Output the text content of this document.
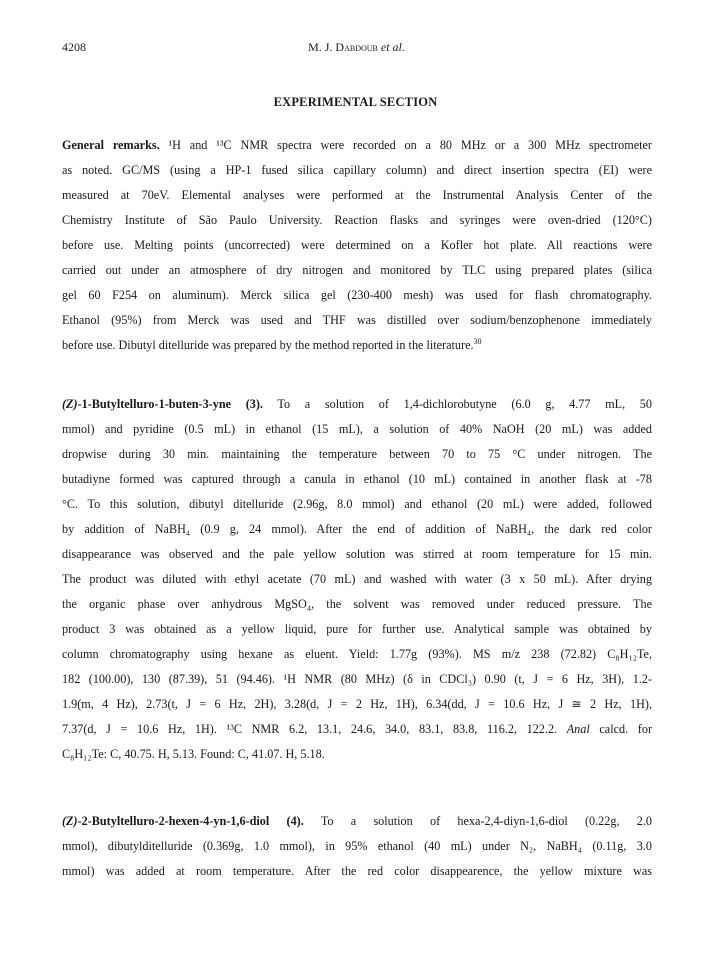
4208	M. J. Dabdoub et al.
EXPERIMENTAL SECTION
General remarks. ¹H and ¹³C NMR spectra were recorded on a 80 MHz or a 300 MHz spectrometer
as noted. GC/MS (using a HP-1 fused silica capillary column) and direct insertion spectra (EI) were
measured at 70eV. Elemental analyses were performed at the Instrumental Analysis Center of the
Chemistry Institute of São Paulo University. Reaction flasks and syringes were oven-dried (120°C)
before use. Melting points (uncorrected) were determined on a Kofler hot plate. All reactions were
carried out under an atmosphere of dry nitrogen and monitored by TLC using prepared plates (silica
gel 60 F254 on aluminum). Merck silica gel (230-400 mesh) was used for flash chromatography.
Ethanol (95%) from Merck was used and THF was distilled over sodium/benzophenone immediately
before use. Dibutyl ditelluride was prepared by the method reported in the literature.$^{30}$
(Z)-1-Butyltelluro-1-buten-3-yne (3). To a solution of 1,4-dichlorobutyne (6.0 g, 4.77 mL, 50
mmol) and pyridine (0.5 mL) in ethanol (15 mL), a solution of 40% NaOH (20 mL) was added
dropwise during 30 min. maintaining the temperature between 70 to 75 °C under nitrogen. The
butadiyne formed was captured through a canula in ethanol (10 mL) contained in another flask at -78
°C. To this solution, dibutyl ditelluride (2.96g, 8.0 mmol) and ethanol (20 mL) were added, followed
by addition of NaBH₄ (0.9 g, 24 mmol). After the end of addition of NaBH₄, the dark red color
disappearance was observed and the pale yellow solution was stirred at room temperature for 15 min.
The product was diluted with ethyl acetate (70 mL) and washed with water (3 x 50 mL). After drying
the organic phase over anhydrous MgSO₄, the solvent was removed under reduced pressure. The
product 3 was obtained as a yellow liquid, pure for further use. Analytical sample was obtained by
column chromatography using hexane as eluent. Yield: 1.77g (93%). MS m/z 238 (72.82) C₈H₁₂Te,
182 (100.00), 130 (87.39), 51 (94.46). ¹H NMR (80 MHz) (δ in CDCl₃) 0.90 (t, J = 6 Hz, 3H), 1.2-
1.9(m, 4 Hz), 2.73(t, J = 6 Hz, 2H), 3.28(d, J = 2 Hz, 1H), 6.34(dd, J = 10.6 Hz, J ≅ 2 Hz, 1H),
7.37(d, J = 10.6 Hz, 1H). ¹³C NMR 6.2, 13.1, 24.6, 34.0, 83.1, 83.8, 116.2, 122.2. Anal calcd. for
C₈H₁₂Te: C, 40.75. H, 5.13. Found: C, 41.07. H, 5.18.
(Z)-2-Butyltelluro-2-hexen-4-yn-1,6-diol (4). To a solution of hexa-2,4-diyn-1,6-diol (0.22g, 2.0
mmol), dibutylditelluride (0.369g, 1.0 mmol), in 95% ethanol (40 mL) under N₂, NaBH₄ (0.11g, 3.0
mmol) was added at room temperature. After the red color disappearence, the yellow mixture was
